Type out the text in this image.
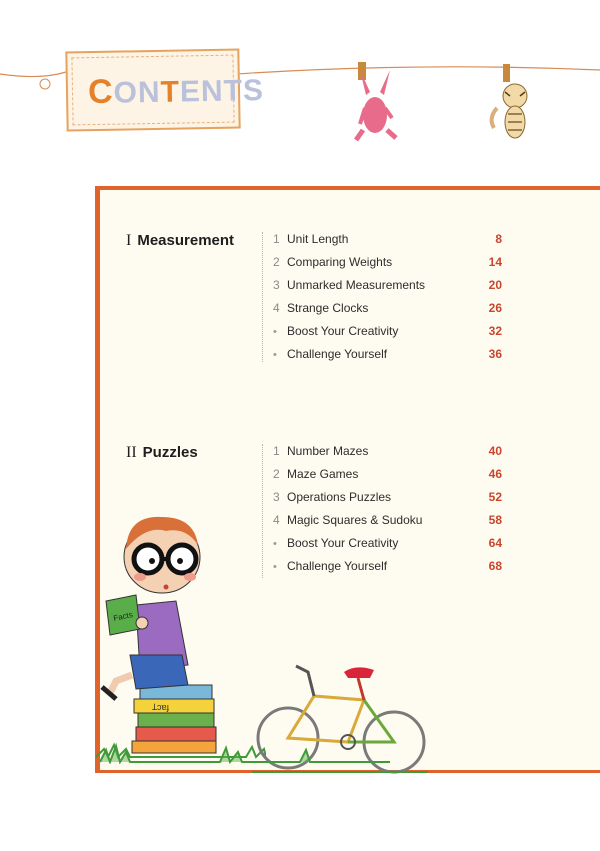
CONTENTS
I Measurement	1 Unit Length	8
2 Comparing Weights	14
3 Unmarked Measurements	20
4 Strange Clocks	26
• Boost Your Creativity	32
• Challenge Yourself	36
II Puzzles	1 Number Mazes	40
2 Maze Games	46
3 Operations Puzzles	52
4 Magic Squares & Sudoku	58
• Boost Your Creativity	64
• Challenge Yourself	68
Ʇɔɐɟ
Facts
